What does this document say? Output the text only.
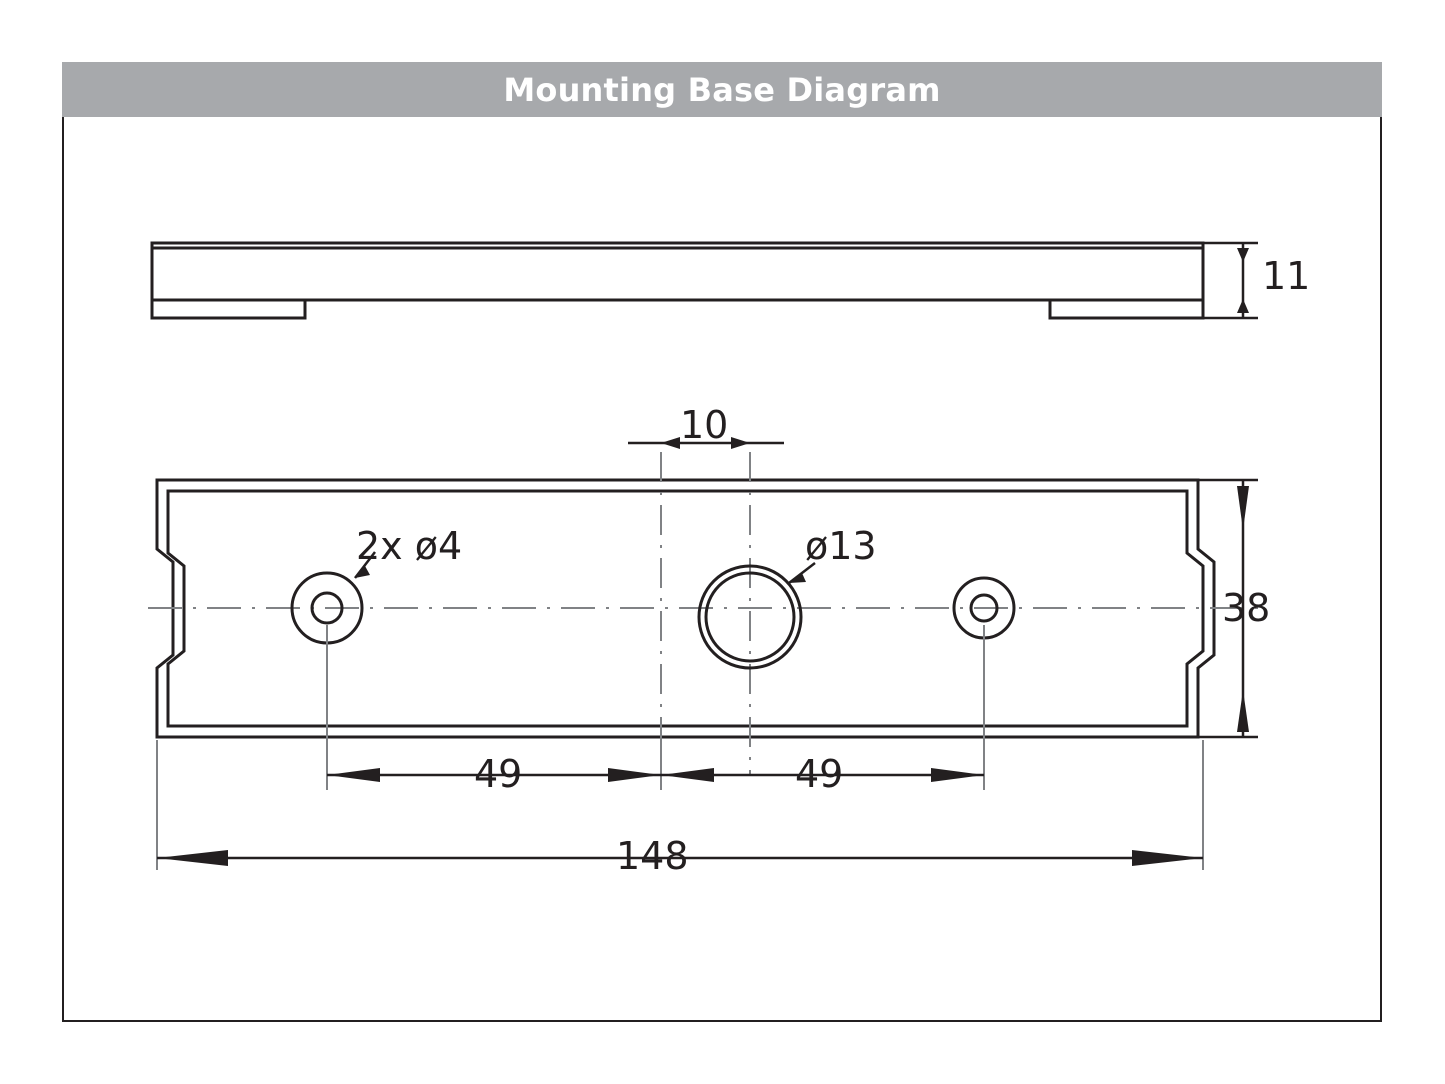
Mounting Base Diagram
11
10
2x ø4	ø13
49	49
38
148
